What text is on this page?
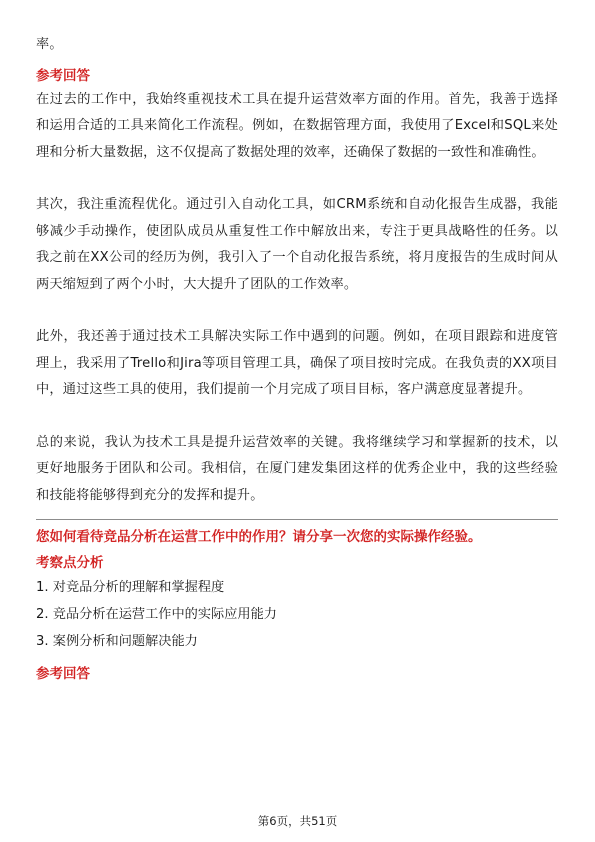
率。

参考回答

在过去的工作中，我始终重视技术工具在提升运营效率方面的作用。首先，我善于选择和运用合适的工具来简化工作流程。例如，在数据管理方面，我使用了Excel和SQL来处理和分析大量数据，这不仅提高了数据处理的效率，还确保了数据的一致性和准确性。

其次，我注重流程优化。通过引入自动化工具，如CRM系统和自动化报告生成器，我能够减少手动操作，使团队成员从重复性工作中解放出来，专注于更具战略性的任务。以我之前在XX公司的经历为例，我引入了一个自动化报告系统，将月度报告的生成时间从两天缩短到了两个小时，大大提升了团队的工作效率。

此外，我还善于通过技术工具解决实际工作中遇到的问题。例如，在项目跟踪和进度管理上，我采用了Trello和Jira等项目管理工具，确保了项目按时完成。在我负责的XX项目中，通过这些工具的使用，我们提前一个月完成了项目目标，客户满意度显著提升。

总的来说，我认为技术工具是提升运营效率的关键。我将继续学习和掌握新的技术，以更好地服务于团队和公司。我相信，在厦门建发集团这样的优秀企业中，我的这些经验和技能将能够得到充分的发挥和提升。

您如何看待竞品分析在运营工作中的作用？请分享一次您的实际操作经验。

考察点分析

1. 对竞品分析的理解和掌握程度

2. 竞品分析在运营工作中的实际应用能力

3. 案例分析和问题解决能力

参考回答

第6页，共51页
